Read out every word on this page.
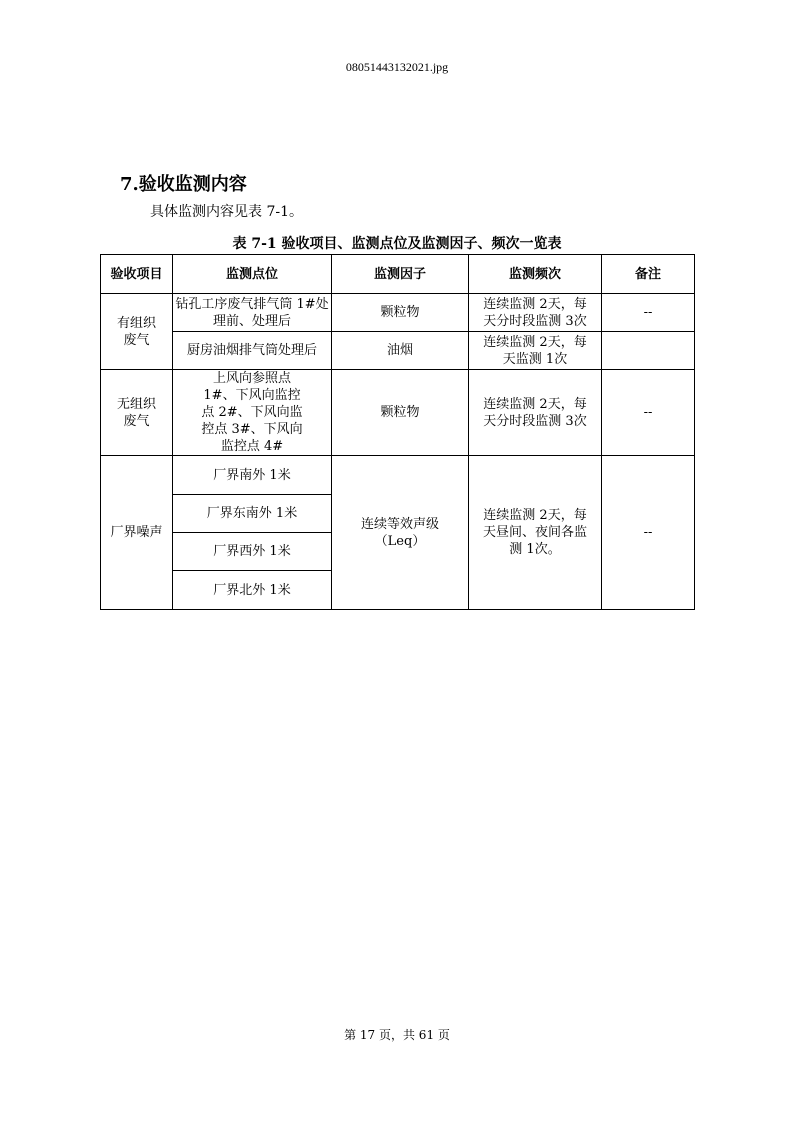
08051443132021.jpg
7.验收监测内容
具体监测内容见表 7-1。
表 7-1 验收项目、监测点位及监测因子、频次一览表
验收项目	监测点位	监测因子	监测频次	备注
有组织废气	钻孔工序废气排气筒 1#处理前、处理后	颗粒物	连续监测 2天，每天分时段监测 3次	--
	厨房油烟排气筒处理后	油烟	连续监测 2天，每天监测 1次	
无组织废气	上风向参照点 1#、下风向监控点 2#、下风向监控点 3#、下风向监控点 4#	颗粒物	连续监测 2天，每天分时段监测 3次	--
厂界噪声	厂界南外 1米	连续等效声级（Leq）	连续监测 2天，每天昼间、夜间各监测 1次。	--
	厂界东南外 1米			
	厂界西外 1米			
	厂界北外 1米			
第 17 页，共 61 页
